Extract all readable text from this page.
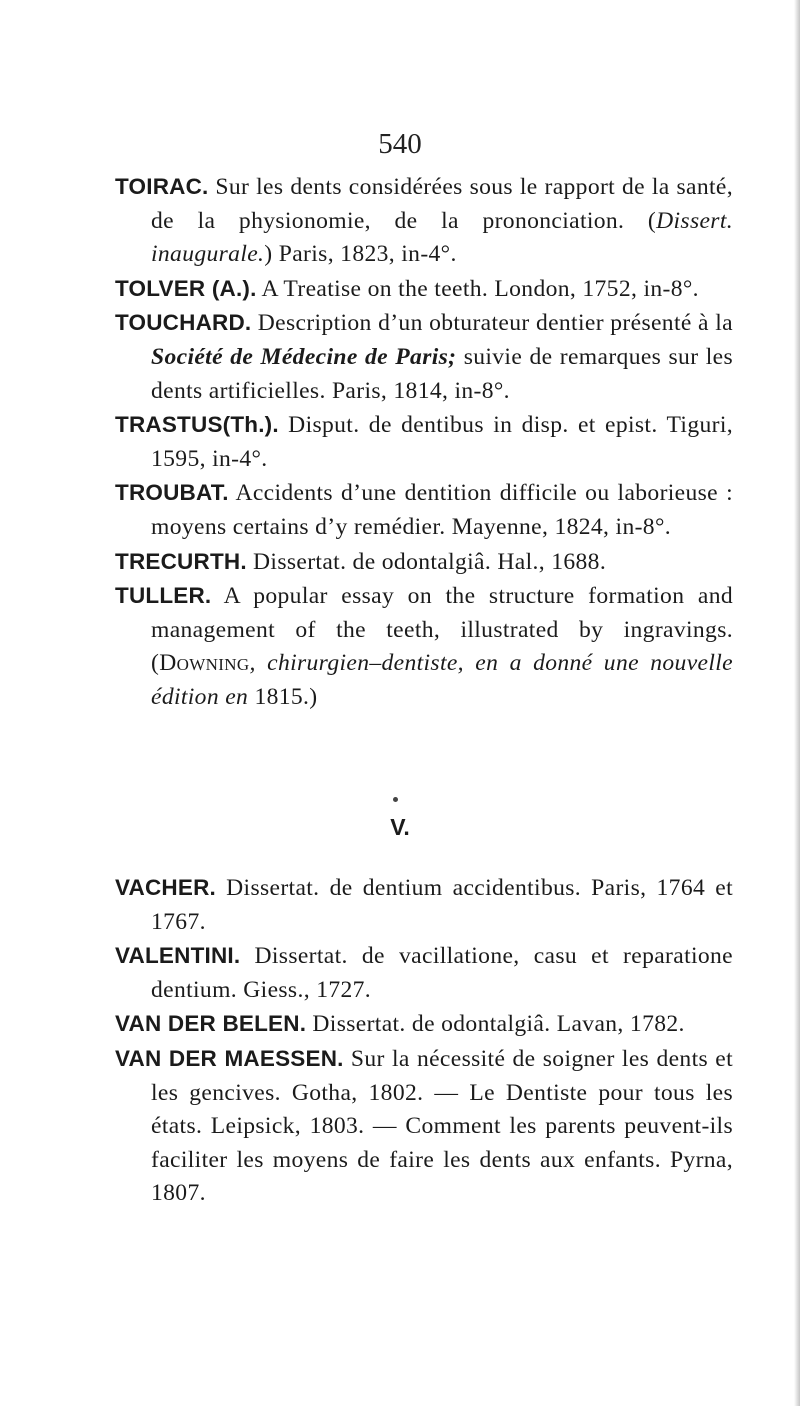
540

TOIRAC. Sur les dents considérées sous le rapport de la santé, de la physionomie, de la prononciation. (Dissert. inaugurale.) Paris, 1823, in-4°.

TOLVER (A.). A Treatise on the teeth. London, 1752, in-8°.

TOUCHARD. Description d’un obturateur dentier présenté à la Société de Médecine de Paris; suivie de remarques sur les dents artificielles. Paris, 1814, in-8°.

TRASTUS(Th.). Disput. de dentibus in disp. et epist. Tiguri, 1595, in-4°.

TROUBAT. Accidents d’une dentition difficile ou laborieuse : moyens certains d’y remédier. Mayenne, 1824, in-8°.

TRECURTH. Dissertat. de odontalgiâ. Hal., 1688.

TULLER. A popular essay on the structure formation and management of the teeth, illustrated by ingravings. (Downing, chirurgien–dentiste, en a donné une nouvelle édition en 1815.)

V.

VACHER. Dissertat. de dentium accidentibus. Paris, 1764 et 1767.

VALENTINI. Dissertat. de vacillatione, casu et reparatione dentium. Giess., 1727.

VAN DER BELEN. Dissertat. de odontalgiâ. Lavan, 1782.

VAN DER MAESSEN. Sur la nécessité de soigner les dents et les gencives. Gotha, 1802. — Le Dentiste pour tous les états. Leipsick, 1803. — Comment les parents peuvent-ils faciliter les moyens de faire les dents aux enfants. Pyrna, 1807.
